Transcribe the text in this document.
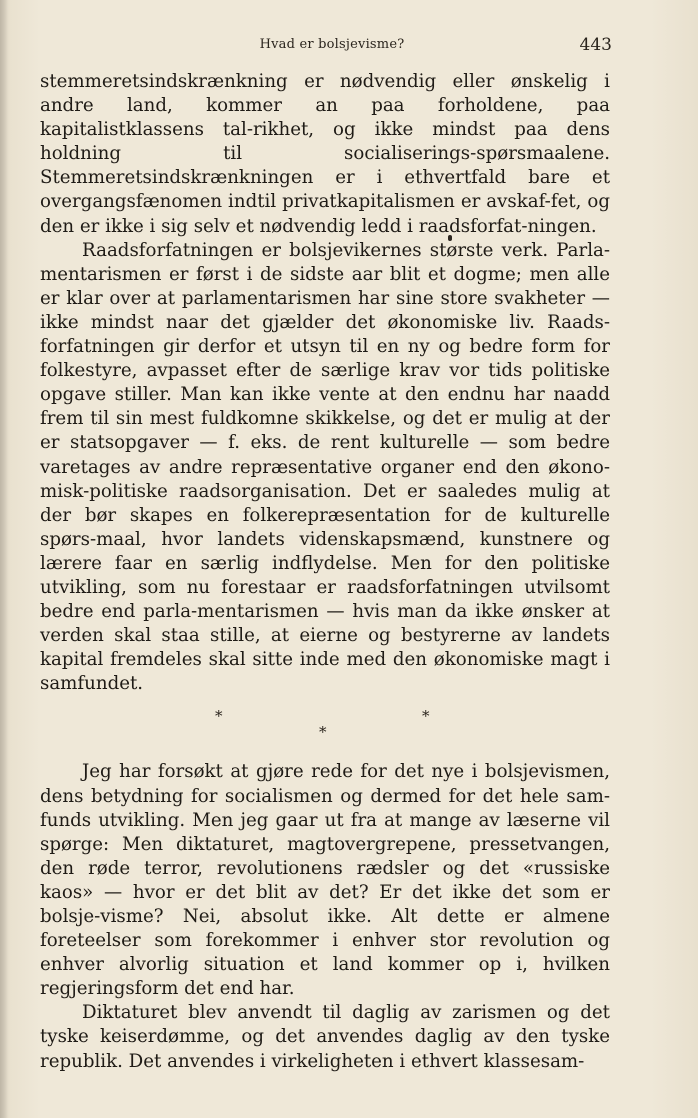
Hvad er bolsjevisme?	443

stemmeretsindskrænkning er nødvendig eller ønskelig i andre land, kommer an paa forholdene, paa kapitalistklassens tal-rikhet, og ikke mindst paa dens holdning til socialiserings-spørsmaalene. Stemmeretsindskrænkningen er i ethvertfald bare et overgangsfænomen indtil privatkapitalismen er avskaf-fet, og den er ikke i sig selv et nødvendig ledd i raadsforfat-ningen.

Raadsforfatningen er bolsjevikernes største verk. Parla-mentarismen er først i de sidste aar blit et dogme; men alle er klar over at parlamentarismen har sine store svakheter — ikke mindst naar det gjælder det økonomiske liv. Raads-forfatningen gir derfor et utsyn til en ny og bedre form for folkestyre, avpasset efter de særlige krav vor tids politiske opgave stiller. Man kan ikke vente at den endnu har naadd frem til sin mest fuldkomne skikkelse, og det er mulig at der er statsopgaver — f. eks. de rent kulturelle — som bedre varetages av andre repræsentative organer end den økono-misk-politiske raadsorganisation. Det er saaledes mulig at der bør skapes en folkerepræsentation for de kulturelle spørs-maal, hvor landets videnskapsmænd, kunstnere og lærere faar en særlig indflydelse. Men for den politiske utvikling, som nu forestaar er raadsforfatningen utvilsomt bedre end parla-mentarismen — hvis man da ikke ønsker at verden skal staa stille, at eierne og bestyrerne av landets kapital fremdeles skal sitte inde med den økonomiske magt i samfundet.

*	*
*

Jeg har forsøkt at gjøre rede for det nye i bolsjevismen, dens betydning for socialismen og dermed for det hele sam-funds utvikling. Men jeg gaar ut fra at mange av læserne vil spørge: Men diktaturet, magtovergrepene, pressetvangen, den røde terror, revolutionens rædsler og det «russiske kaos» — hvor er det blit av det? Er det ikke det som er bolsje-visme? Nei, absolut ikke. Alt dette er almene foreteelser som forekommer i enhver stor revolution og enhver alvorlig situation et land kommer op i, hvilken regjeringsform det end har.

Diktaturet blev anvendt til daglig av zarismen og det tyske keiserdømme, og det anvendes daglig av den tyske republik. Det anvendes i virkeligheten i ethvert klassesam-
